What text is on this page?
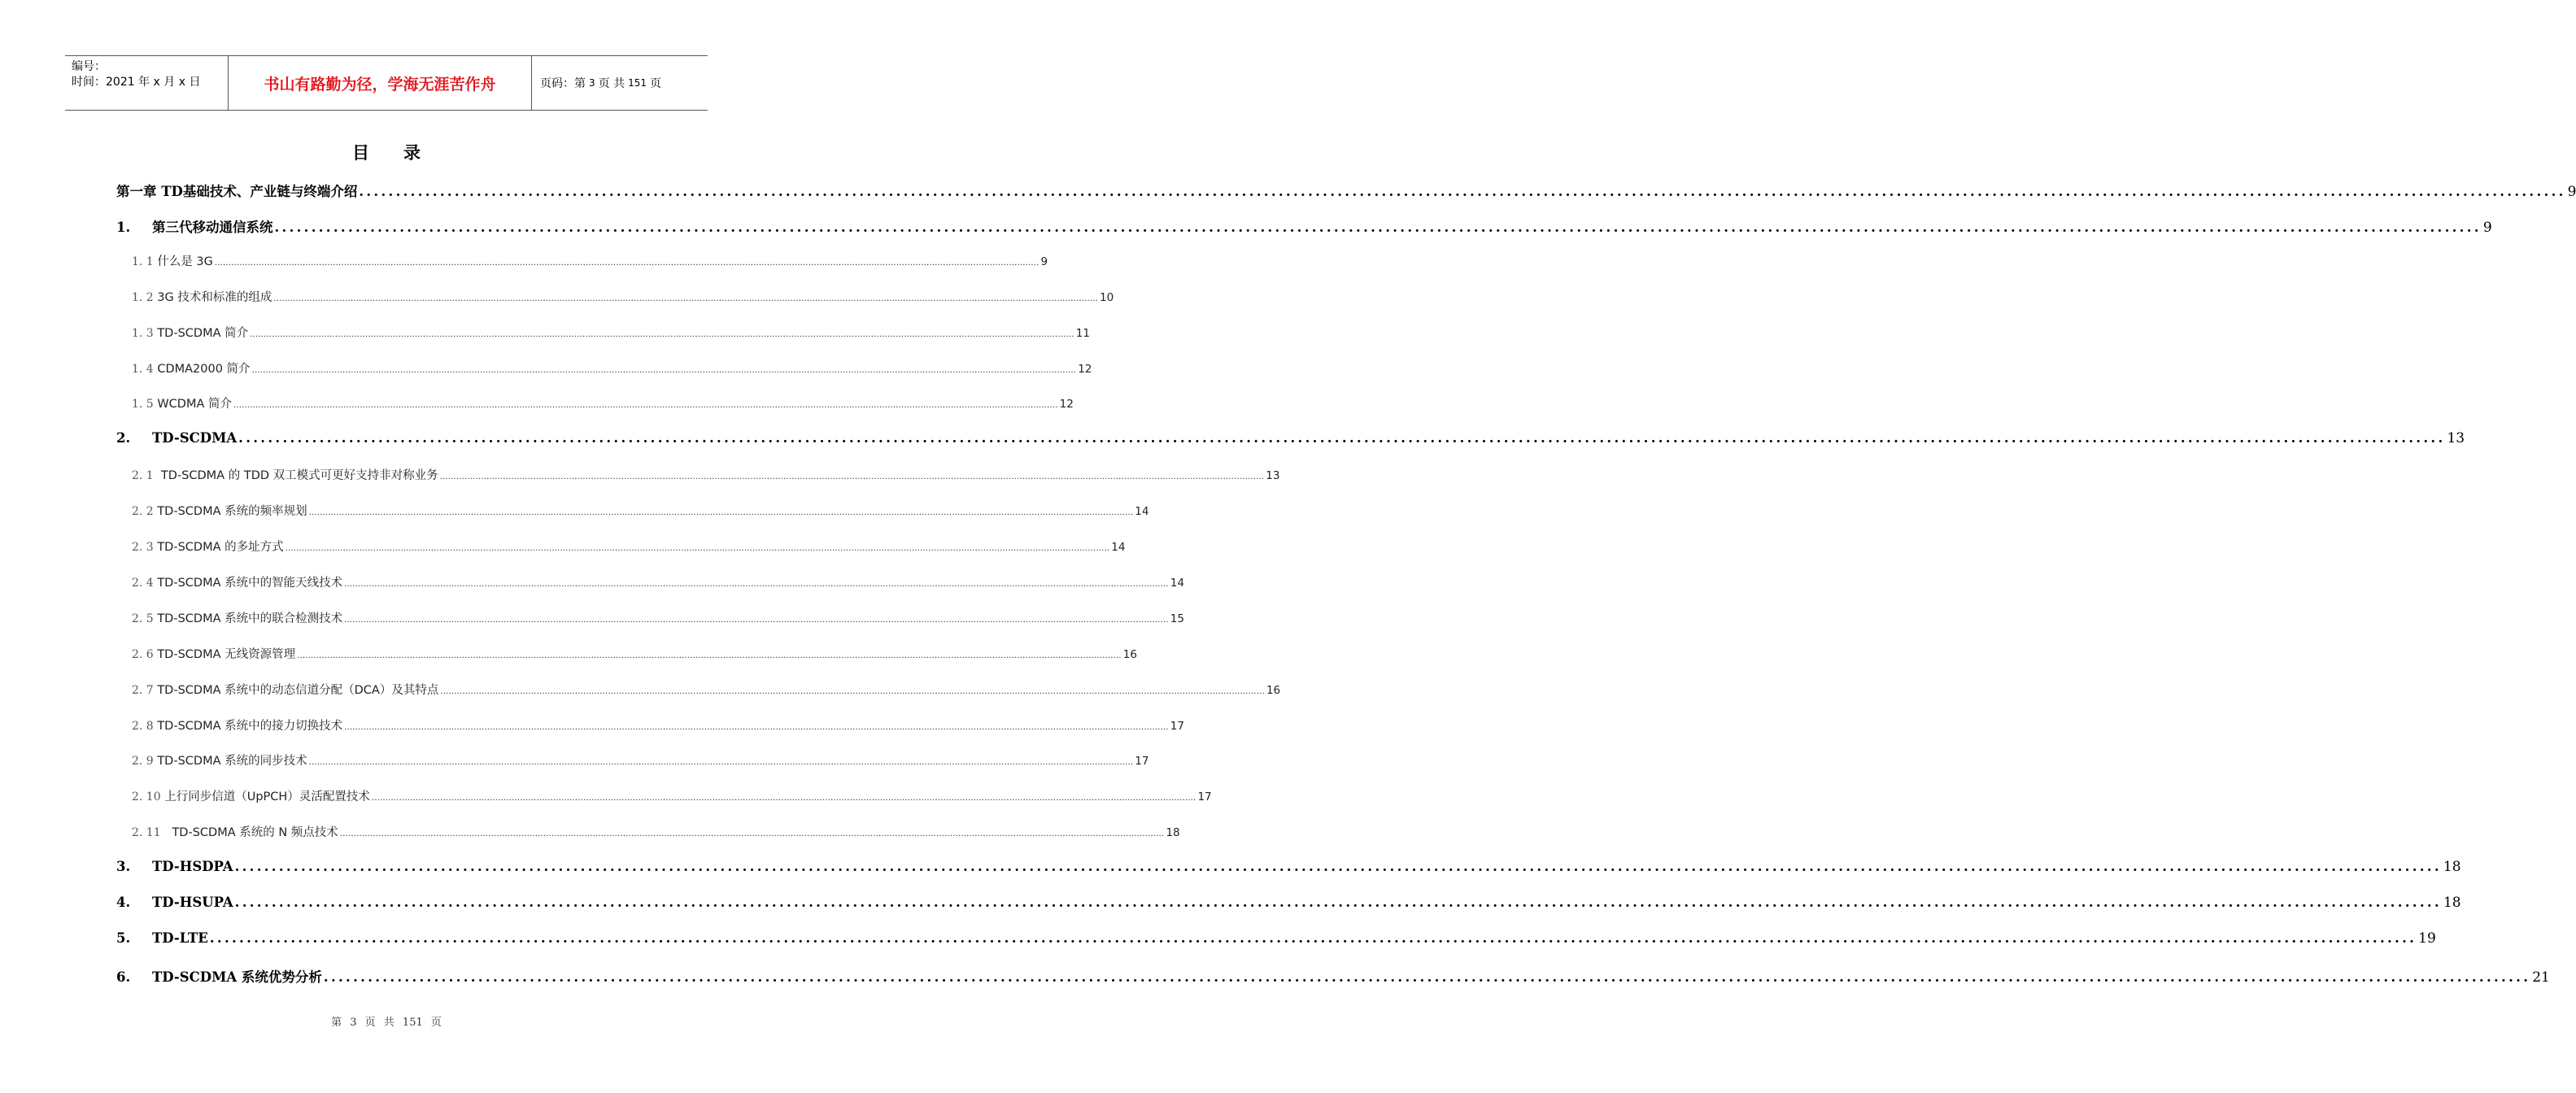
编号：
时间：2021 年 x 月 x 日	书山有路勤为径，学海无涯苦作舟	页码：第 3 页 共 151 页
目录
第一章 TD基础技术、产业链与终端介绍 ............................................................................................................................................................................................................................................................................................................ 9
1. 第三代移动通信系统 ............................................................................................................................................................................................................................................................................................................ 9
1. 1 什么是 3G ............................................................................................................................................................................................................................................................................................................ 9
1. 2 3G 技术和标准的组成 ............................................................................................................................................................................................................................................................................................................ 10
1. 3 TD-SCDMA 简介 ............................................................................................................................................................................................................................................................................................................ 11
1. 4 CDMA2000 简介 ............................................................................................................................................................................................................................................................................................................ 12
1. 5 WCDMA 简介 ............................................................................................................................................................................................................................................................................................................ 12
2. TD-SCDMA ............................................................................................................................................................................................................................................................................................................ 13
2. 1  TD-SCDMA 的 TDD 双工模式可更好支持非对称业务 ............................................................................................................................................................................................................................................................................................................ 13
2. 2 TD-SCDMA 系统的频率规划 ............................................................................................................................................................................................................................................................................................................ 14
2. 3 TD-SCDMA 的多址方式 ............................................................................................................................................................................................................................................................................................................ 14
2. 4 TD-SCDMA 系统中的智能天线技术 ............................................................................................................................................................................................................................................................................................................ 14
2. 5 TD-SCDMA 系统中的联合检测技术 ............................................................................................................................................................................................................................................................................................................ 15
2. 6 TD-SCDMA 无线资源管理 ............................................................................................................................................................................................................................................................................................................ 16
2. 7 TD-SCDMA 系统中的动态信道分配（DCA）及其特点 ............................................................................................................................................................................................................................................................................................................ 16
2. 8 TD-SCDMA 系统中的接力切换技术 ............................................................................................................................................................................................................................................................................................................ 17
2. 9 TD-SCDMA 系统的同步技术 ............................................................................................................................................................................................................................................................................................................ 17
2. 10 上行同步信道（UpPCH）灵活配置技术 ............................................................................................................................................................................................................................................................................................................ 17
2. 11   TD-SCDMA 系统的 N 频点技术 ............................................................................................................................................................................................................................................................................................................ 18
3. TD-HSDPA ............................................................................................................................................................................................................................................................................................................ 18
4. TD-HSUPA ............................................................................................................................................................................................................................................................................................................ 18
5. TD-LTE ............................................................................................................................................................................................................................................................................................................ 19
6. TD-SCDMA 系统优势分析 ............................................................................................................................................................................................................................................................................................................ 21
第 3 页 共 151 页
